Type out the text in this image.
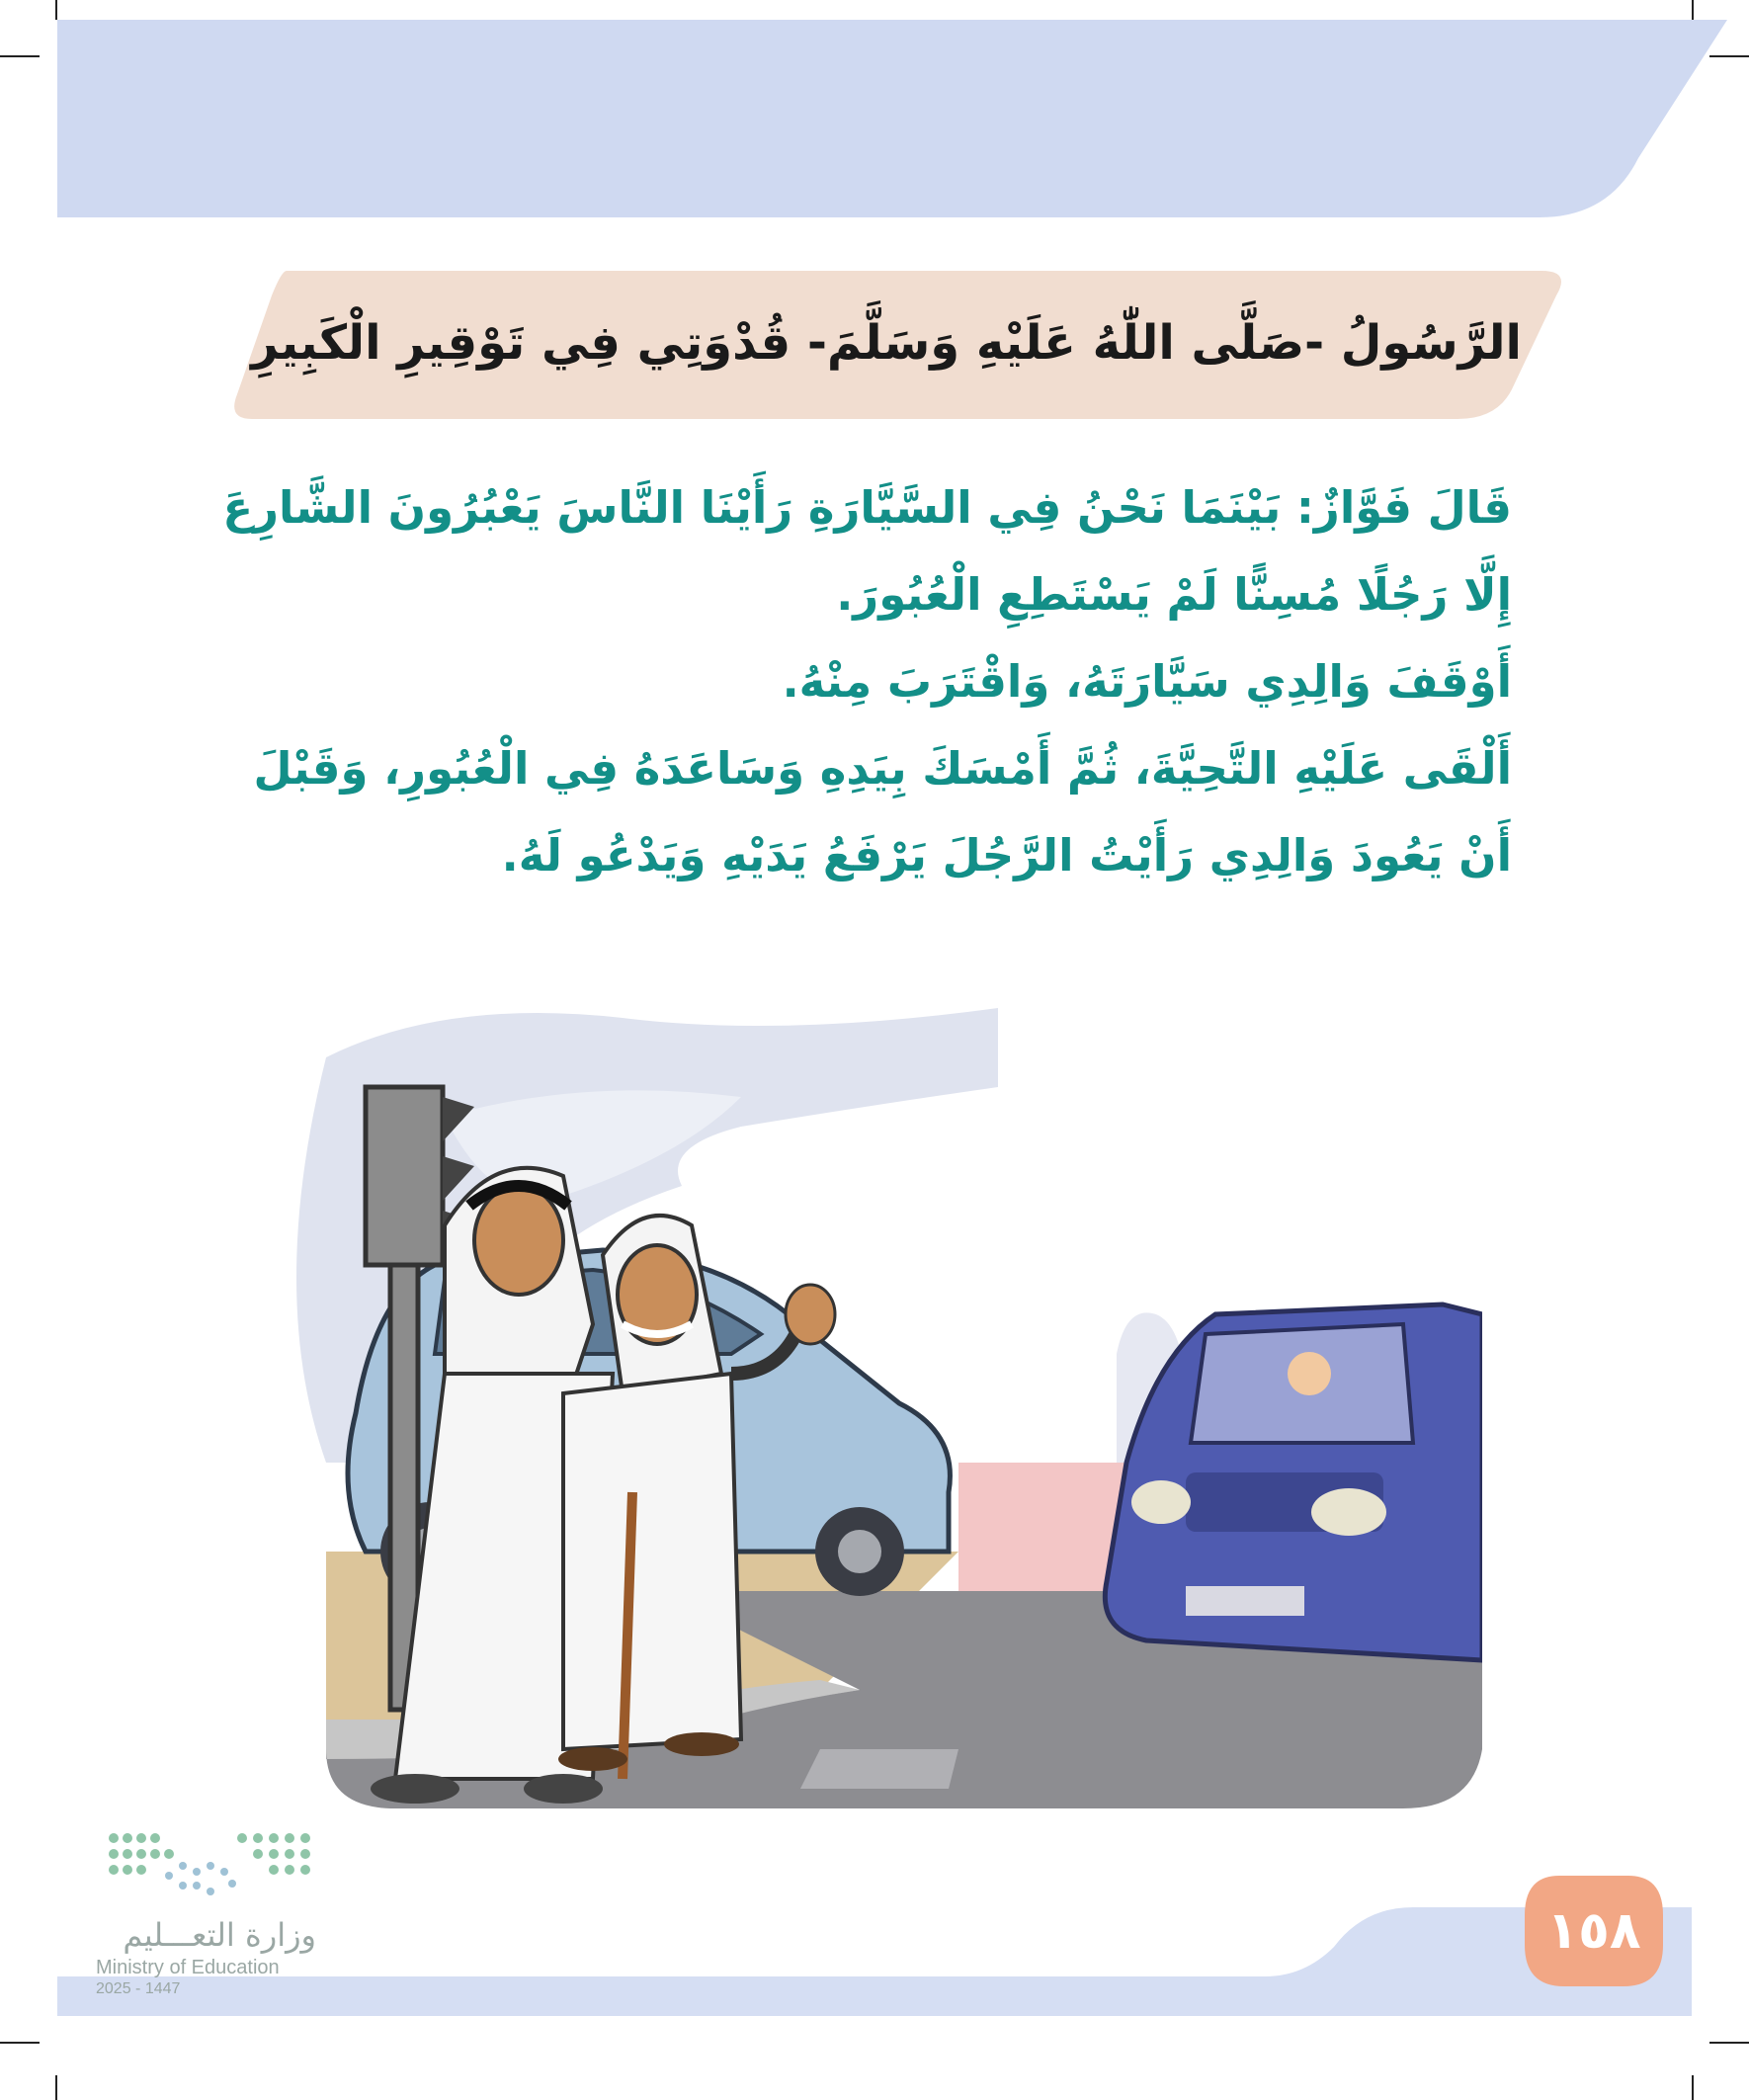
الرَّسُولُ -صَلَّى اللّٰهُ عَلَيْهِ وَسَلَّمَ- قُدْوَتِي فِي تَوْقِيرِ الْكَبِيرِ
قَالَ فَوَّازٌ: بَيْنَمَا نَحْنُ فِي السَّيَّارَةِ رَأَيْنَا النَّاسَ يَعْبُرُونَ الشَّارِعَ
إِلَّا رَجُلًا مُسِنًّا لَمْ يَسْتَطِعِ الْعُبُورَ.
أَوْقَفَ وَالِدِي سَيَّارَتَهُ، وَاقْتَرَبَ مِنْهُ.
أَلْقَى عَلَيْهِ التَّحِيَّةَ، ثُمَّ أَمْسَكَ بِيَدِهِ وَسَاعَدَهُ فِي الْعُبُورِ، وَقَبْلَ
أَنْ يَعُودَ وَالِدِي رَأَيْتُ الرَّجُلَ يَرْفَعُ يَدَيْهِ وَيَدْعُو لَهُ.
١٥٨
وزارة التعـــليم
Ministry of Education
2025 - 1447
